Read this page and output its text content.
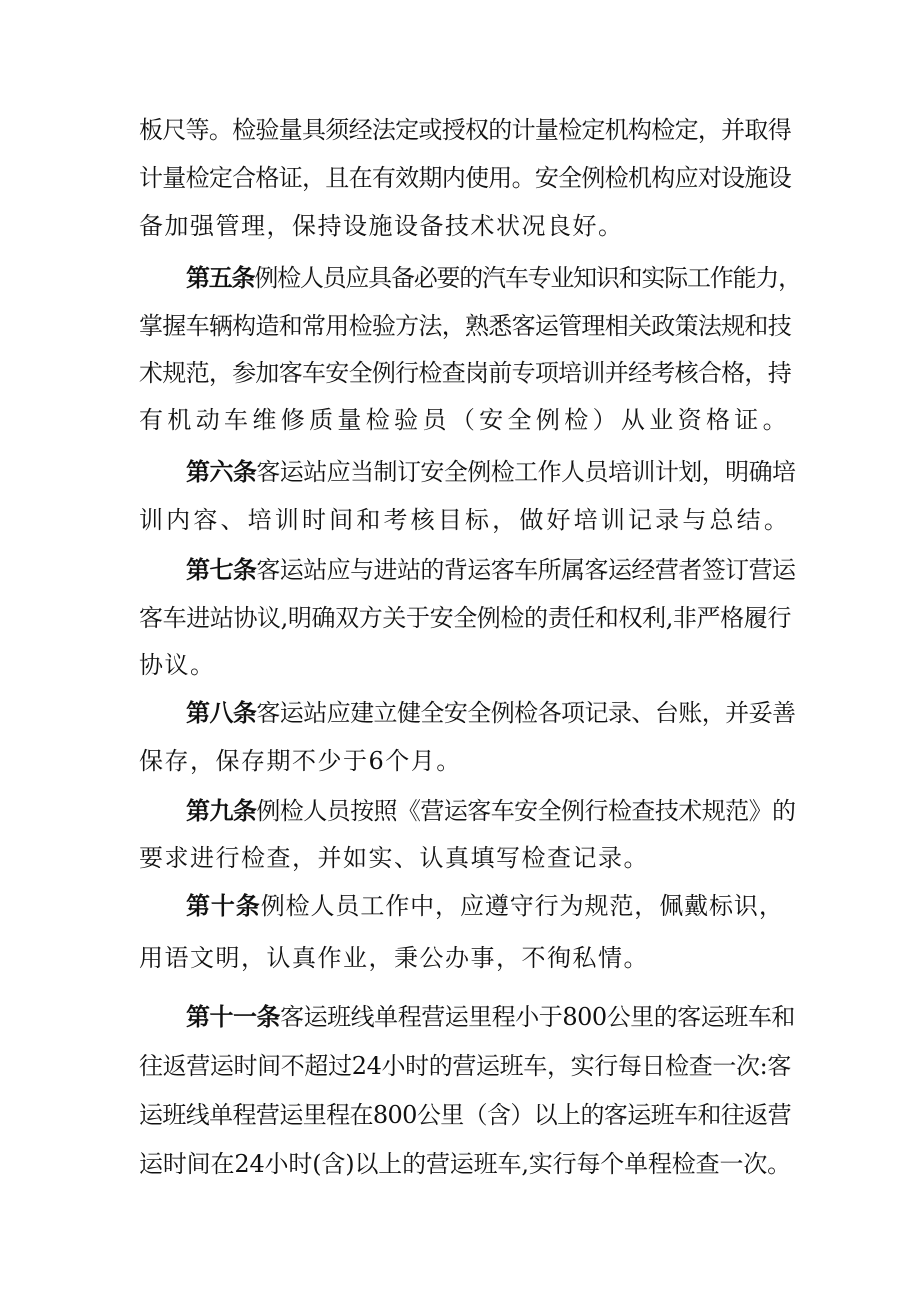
板尺等。检验量具须经法定或授权的计量检定机构检定，并取得
计量检定合格证，且在有效期内使用。安全例检机构应对设施设
备加强管理，保持设施设备技术状况良好。
第五条例检人员应具备必要的汽车专业知识和实际工作能力，
掌握车辆构造和常用检验方法，熟悉客运管理相关政策法规和技
术规范，参加客车安全例行检查岗前专项培训并经考核合格，持
有机动车维修质量检验员（安全例检）从业资格证。
第六条客运站应当制订安全例检工作人员培训计划，明确培
训内容、培训时间和考核目标，做好培训记录与总结。
第七条客运站应与进站的背运客车所属客运经营者签订营运
客车进站协议,明确双方关于安全例检的责任和权利,非严格履行
协议。
第八条客运站应建立健全安全例检各项记录、台账，并妥善
保存，保存期不少于6个月。
第九条例检人员按照《营运客车安全例行检查技术规范》的
要求进行检查，并如实、认真填写检查记录。
第十条例检人员工作中，应遵守行为规范，佩戴标识，
用语文明，认真作业，秉公办事，不徇私情。
第十一条客运班线单程营运里程小于800公里的客运班车和
往返营运时间不超过24小时的营运班车，实行每日检查一次:客
运班线单程营运里程在800公里（含）以上的客运班车和往返营
运时间在24小时(含)以上的营运班车,实行每个单程检查一次。
